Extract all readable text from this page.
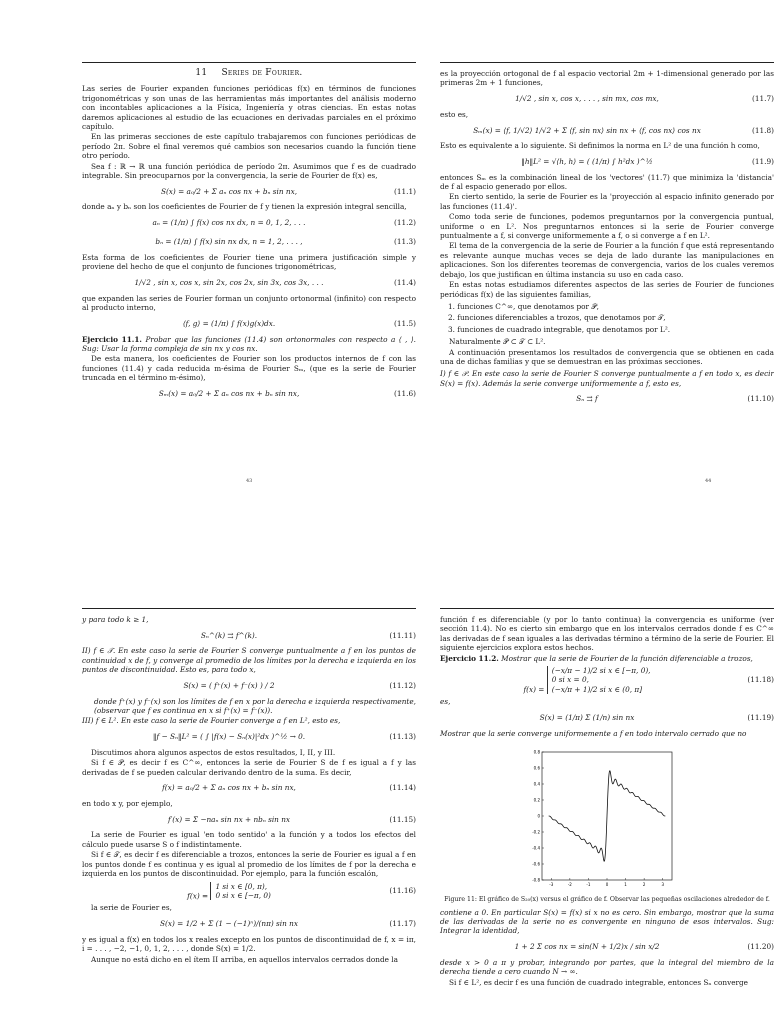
11 Series de Fourier.

Las series de Fourier expanden funciones periódicas f(x) en términos de funciones trigonométricas y son unas de las herramientas más importantes del análisis moderno con incontables aplicaciones a la Física, Ingeniería y otras ciencias. En estas notas daremos aplicaciones al estudio de las ecuaciones en derivadas parciales en el próximo capítulo.

En las primeras secciones de este capítulo trabajaremos con funciones periódicas de período 2π. Sobre el final veremos qué cambios son necesarios cuando la función tiene otro período.

Sea f : ℝ → ℝ una función periódica de período 2π. Asumimos que f es de cuadrado integrable. Sin preocuparnos por la convergencia, la serie de Fourier de f(x) es,

S(x) = a₀/2 + Σ aₙ cos nx + bₙ sin nx,	(11.1)

donde aₙ y bₙ son los coeficientes de Fourier de f y tienen la expresión integral sencilla,

aₙ = (1/π) ∫ f(x) cos nx dx, n = 0, 1, 2, . . .	(11.2)
bₙ = (1/π) ∫ f(x) sin nx dx, n = 1, 2, . . . ,	(11.3)

Esta forma de los coeficientes de Fourier tiene una primera justificación simple y proviene del hecho de que el conjunto de funciones trigonométricas,

1/√2 , sin x, cos x, sin 2x, cos 2x, sin 3x, cos 3x, . . .	(11.4)

que expanden las series de Fourier forman un conjunto ortonormal (infinito) con respecto al producto interno,

⟨f, g⟩ = (1/π) ∫ f(x)g(x)dx.	(11.5)

Ejercicio 11.1. Probar que las funciones (11.4) son ortonormales con respecto a ⟨ , ⟩. Sug: Usar la forma compleja de sin nx y cos nx.

De esta manera, los coeficientes de Fourier son los productos internos de f con las funciones (11.4) y cada reducida m-ésima de Fourier Sₘ, (que es la serie de Fourier truncada en el término m-ésimo),

Sₘ(x) = a₀/2 + Σ aₙ cos nx + bₙ sin nx,	(11.6)
43

es la proyección ortogonal de f al espacio vectorial 2m + 1-dimensional generado por las primeras 2m + 1 funciones,

1/√2 , sin x, cos x, . . . , sin mx, cos mx,	(11.7)

esto es,

Sₘ(x) = ⟨f, 1/√2⟩ 1/√2 + Σ ⟨f, sin nx⟩ sin nx + ⟨f, cos nx⟩ cos nx	(11.8)

Esto es equivalente a lo siguiente. Si definimos la norma en L² de una función h como,

‖h‖L² = √⟨h, h⟩ = ( (1/π) ∫ h²dx )^½	(11.9)

entonces Sₘ es la combinación lineal de los 'vectores' (11.7) que minimiza la 'distancia' de f al espacio generado por ellos.

En cierto sentido, la serie de Fourier es la 'proyección al espacio infinito generado por las funciones (11.4)'.

Como toda serie de funciones, podemos preguntarnos por la convergencia puntual, uniforme o en L². Nos preguntarnos entonces si la serie de Fourier converge puntualmente a f, si converge uniformemente a f, o si converge a f en L².

El tema de la convergencia de la serie de Fourier a la función f que está representando es relevante aunque muchas veces se deja de lado durante las manipulaciones en aplicaciones. Son los diferentes teoremas de convergencia, varios de los cuales veremos debajo, los que justifican en última instancia su uso en cada caso.

En estas notas estudiamos diferentes aspectos de las series de Fourier de funciones periódicas f(x) de las siguientes familias,

1. funciones C^∞, que denotamos por 𝒫,
2. funciones diferenciables a trozos, que denotamos por 𝒯,
3. funciones de cuadrado integrable, que denotamos por L².

Naturalmente 𝒫 ⊂ 𝒯 ⊂ L².

A continuación presentamos los resultados de convergencia que se obtienen en cada una de dichas familias y que se demuestran en las próximas secciones.

I) f ∈ 𝒫. En este caso la serie de Fourier S converge puntualmente a f en todo x, es decir S(x) = f(x). Además la serie converge uniformemente a f, esto es,

Sₙ ⇉ f	(11.10)
44

y para todo k ≥ 1,

Sₙ^(k) ⇉ f^(k).	(11.11)

II) f ∈ 𝒯. En este caso la serie de Fourier S converge puntualmente a f en los puntos de continuidad x de f, y converge al promedio de los límites por la derecha e izquierda en los puntos de discontinuidad. Esto es, para todo x,

S(x) = ( f⁺(x) + f⁻(x) ) / 2	(11.12)

donde f⁺(x) y f⁻(x) son los límites de f en x por la derecha e izquierda respectivamente, (observar que f es continua en x si f⁺(x) = f⁻(x)).

III) f ∈ L². En este caso la serie de Fourier converge a f en L², esto es,

‖f − Sₙ‖L² = ( ∫ |f(x) − Sₙ(x)|²dx )^½ → 0.	(11.13)

Discutimos ahora algunos aspectos de estos resultados, I, II, y III.

Si f ∈ 𝒫, es decir f es C^∞, entonces la serie de Fourier S de f es igual a f y las derivadas de f se pueden calcular derivando dentro de la suma. Es decir,

f(x) = a₀/2 + Σ aₙ cos nx + bₙ sin nx,	(11.14)

en todo x y, por ejemplo,

f′(x) = Σ −naₙ sin nx + nbₙ sin nx	(11.15)

La serie de Fourier es igual 'en todo sentido' a la función y a todos los efectos del cálculo puede usarse S o f indistintamente.

Si f ∈ 𝒯, es decir f es diferenciable a trozos, entonces la serie de Fourier es igual a f en los puntos donde f es continua y es igual al promedio de los límites de f por la derecha e izquierda en los puntos de discontinuidad. Por ejemplo, para la función escalón,

f(x) = 1 si x ∈ [0, π),
0 si x ∈ [−π, 0)
(11.16)

la serie de Fourier es,

S(x) = 1/2 + Σ (1 − (−1)ⁿ)/(nπ) sin nx	(11.17)

y es igual a f(x) en todos los x reales excepto en los puntos de discontinuidad de f, x = iπ, i = . . . , −2, −1, 0, 1, 2, . . . , donde S(x) = 1/2.

Aunque no está dicho en el ítem II arriba, en aquellos intervalos cerrados donde la

función f es diferenciable (y por lo tanto continua) la convergencia es uniforme (ver sección 11.4). No es cierto sin embargo que en los intervalos cerrados donde f es C^∞ las derivadas de f sean iguales a las derivadas término a término de la serie de Fourier. El siguiente ejercicios explora estos hechos.

Ejercicio 11.2. Mostrar que la serie de Fourier de la función diferenciable a trozos,

f(x) = (−x/π − 1)/2 si x ∈ [−π, 0),
0 si x = 0,
(−x/π + 1)/2 si x ∈ (0, π]
(11.18)

es,

S(x) = (1/π) Σ (1/n) sin nx	(11.19)

Mostrar que la serie converge uniformemente a f en todo intervalo cerrado que no

-3	-2	-1	0	1	2	3
-0.8
-0.6
-0.4
-0.2
0
0.2
0.4
0.6
0.8
Figure 11: El gráfico de S₂₀(x) versus el gráfico de f. Observar las pequeñas oscilaciones alrededor de f.

contiene a 0. En particular S(x) = f(x) si x no es cero. Sin embargo, mostrar que la suma de las derivadas de la serie no es convergente en ninguno de esos intervalos. Sug: Integrar la identidad,

1 + 2 Σ cos nx = sin(N + 1/2)x / sin x/2	(11.20)

desde x > 0 a π y probar, integrando por partes, que la integral del miembro de la derecha tiende a cero cuando N → ∞.

Si f ∈ L², es decir f es una función de cuadrado integrable, entonces Sₙ converge
